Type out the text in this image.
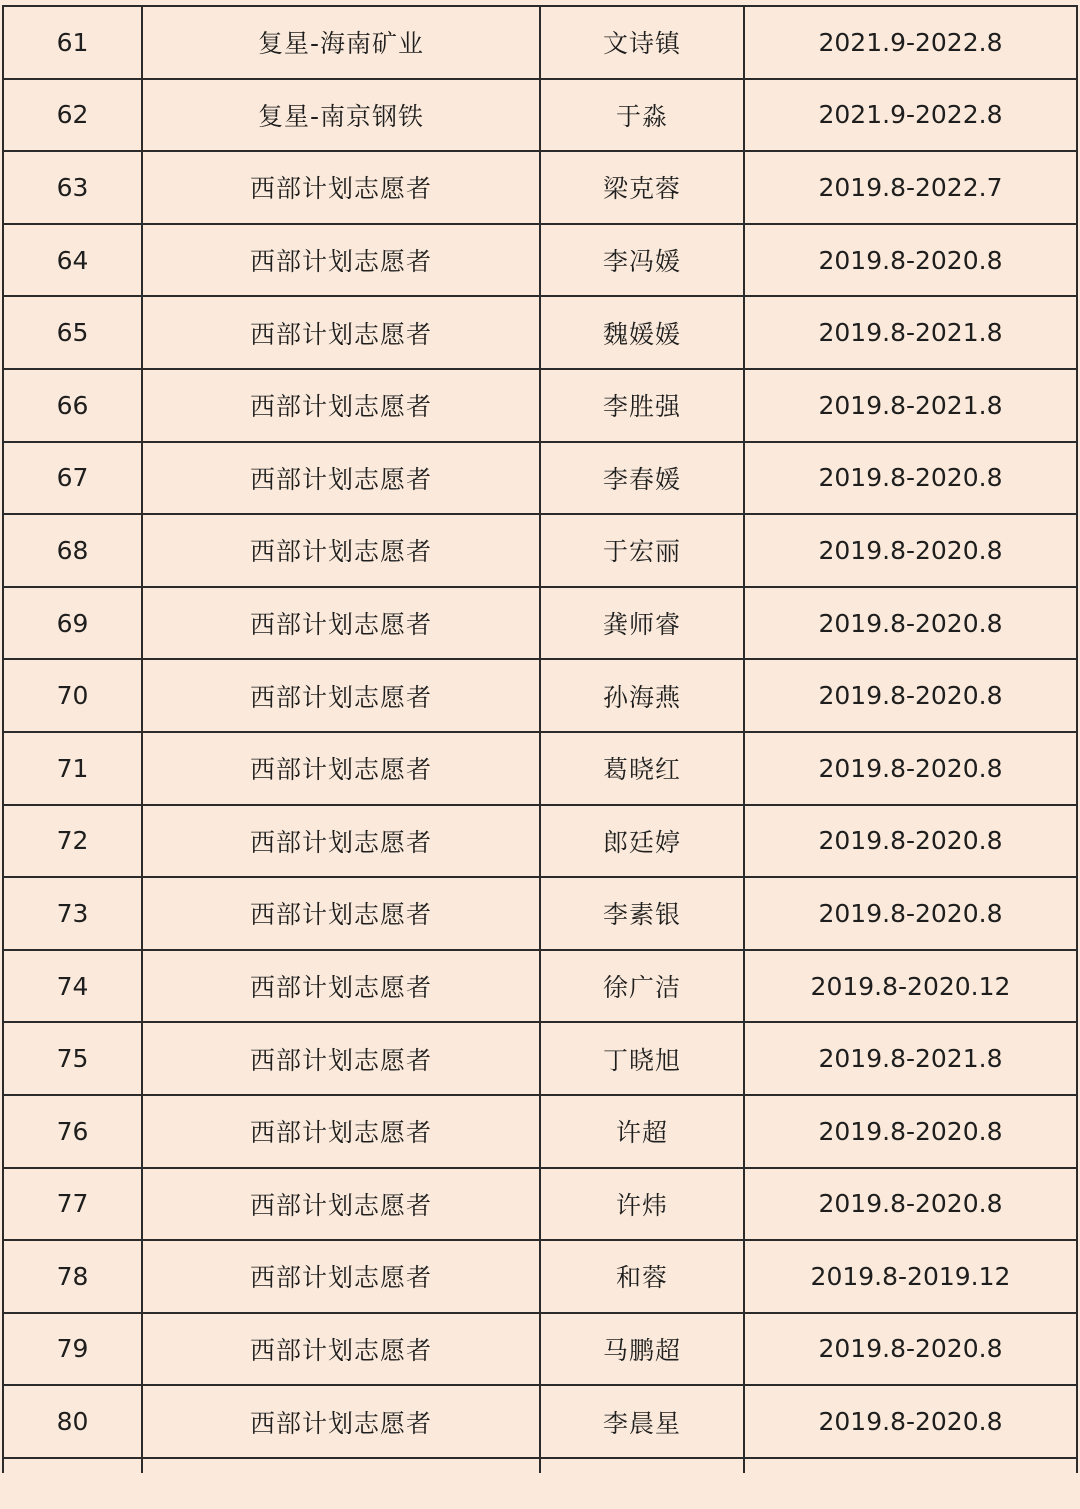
61	复星-海南矿业	文诗镇	2021.9-2022.8
62	复星-南京钢铁	于淼	2021.9-2022.8
63	西部计划志愿者	梁克蓉	2019.8-2022.7
64	西部计划志愿者	李冯媛	2019.8-2020.8
65	西部计划志愿者	魏媛媛	2019.8-2021.8
66	西部计划志愿者	李胜强	2019.8-2021.8
67	西部计划志愿者	李春媛	2019.8-2020.8
68	西部计划志愿者	于宏丽	2019.8-2020.8
69	西部计划志愿者	龚师睿	2019.8-2020.8
70	西部计划志愿者	孙海燕	2019.8-2020.8
71	西部计划志愿者	葛晓红	2019.8-2020.8
72	西部计划志愿者	郎廷婷	2019.8-2020.8
73	西部计划志愿者	李素银	2019.8-2020.8
74	西部计划志愿者	徐广洁	2019.8-2020.12
75	西部计划志愿者	丁晓旭	2019.8-2021.8
76	西部计划志愿者	许超	2019.8-2020.8
77	西部计划志愿者	许炜	2019.8-2020.8
78	西部计划志愿者	和蓉	2019.8-2019.12
79	西部计划志愿者	马鹏超	2019.8-2020.8
80	西部计划志愿者	李晨星	2019.8-2020.8
